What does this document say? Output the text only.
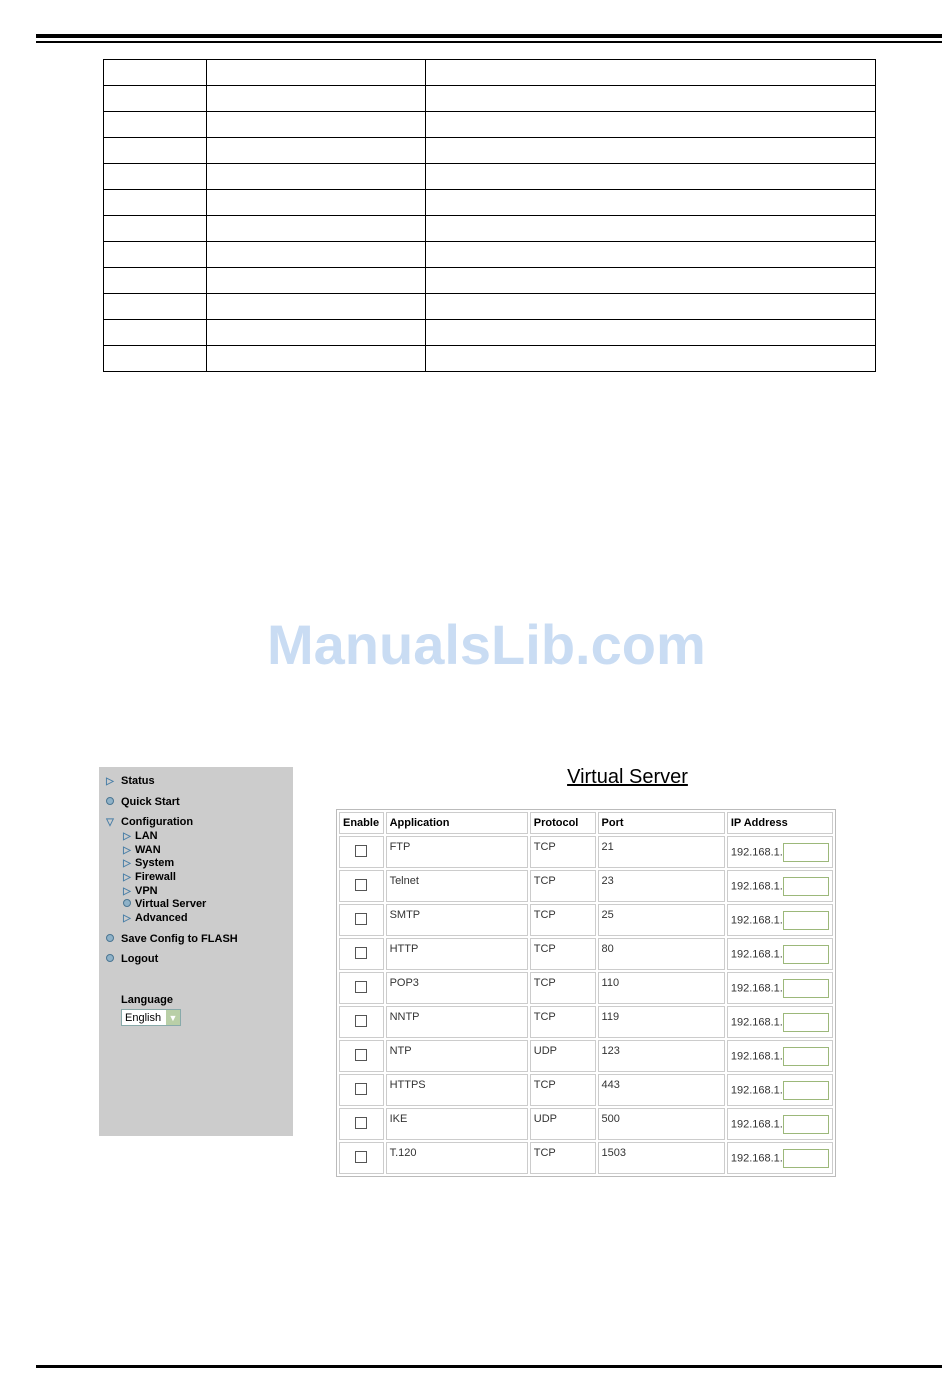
ManualsLib.com
▷ Status
Quick Start
▽ Configuration
▷ LAN
▷ WAN
▷ System
▷ Firewall
▷ VPN
Virtual Server
▷ Advanced
Save Config to FLASH
Logout
Language
English ▼
Virtual Server
Enable	Application	Protocol	Port	IP Address
	FTP	TCP	21	192.168.1.
	Telnet	TCP	23	192.168.1.
	SMTP	TCP	25	192.168.1.
	HTTP	TCP	80	192.168.1.
	POP3	TCP	110	192.168.1.
	NNTP	TCP	119	192.168.1.
	NTP	UDP	123	192.168.1.
	HTTPS	TCP	443	192.168.1.
	IKE	UDP	500	192.168.1.
	T.120	TCP	1503	192.168.1.
